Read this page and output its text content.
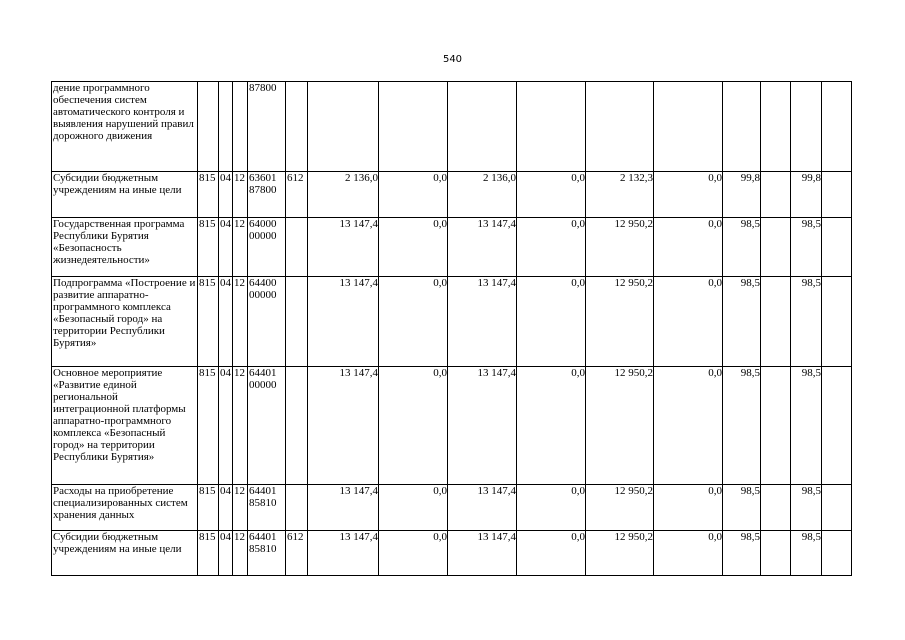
540
дение программного обеспечения систем автоматического контроля и выявления нарушений правил дорожного движения				87800											
Субсидии бюджетным учреждениям на иные цели	815	04	12	63601 87800	612	2 136,0	0,0	2 136,0	0,0	2 132,3	0,0	99,8		99,8	
Государственная программа Республики Бурятия «Безопасность жизнедеятельности»	815	04	12	64000 00000		13 147,4	0,0	13 147,4	0,0	12 950,2	0,0	98,5		98,5	
Подпрограмма «Построение и развитие аппаратно-программного комплекса «Безопасный город» на территории Республики Бурятия»	815	04	12	64400 00000		13 147,4	0,0	13 147,4	0,0	12 950,2	0,0	98,5		98,5	
Основное мероприятие «Развитие единой региональной интеграционной платформы аппаратно-программного комплекса «Безопасный город» на территории Республики Бурятия»	815	04	12	64401 00000		13 147,4	0,0	13 147,4	0,0	12 950,2	0,0	98,5		98,5	
Расходы на приобретение специализированных систем хранения данных	815	04	12	64401 85810		13 147,4	0,0	13 147,4	0,0	12 950,2	0,0	98,5		98,5	
Субсидии бюджетным учреждениям на иные цели	815	04	12	64401 85810	612	13 147,4	0,0	13 147,4	0,0	12 950,2	0,0	98,5		98,5	
